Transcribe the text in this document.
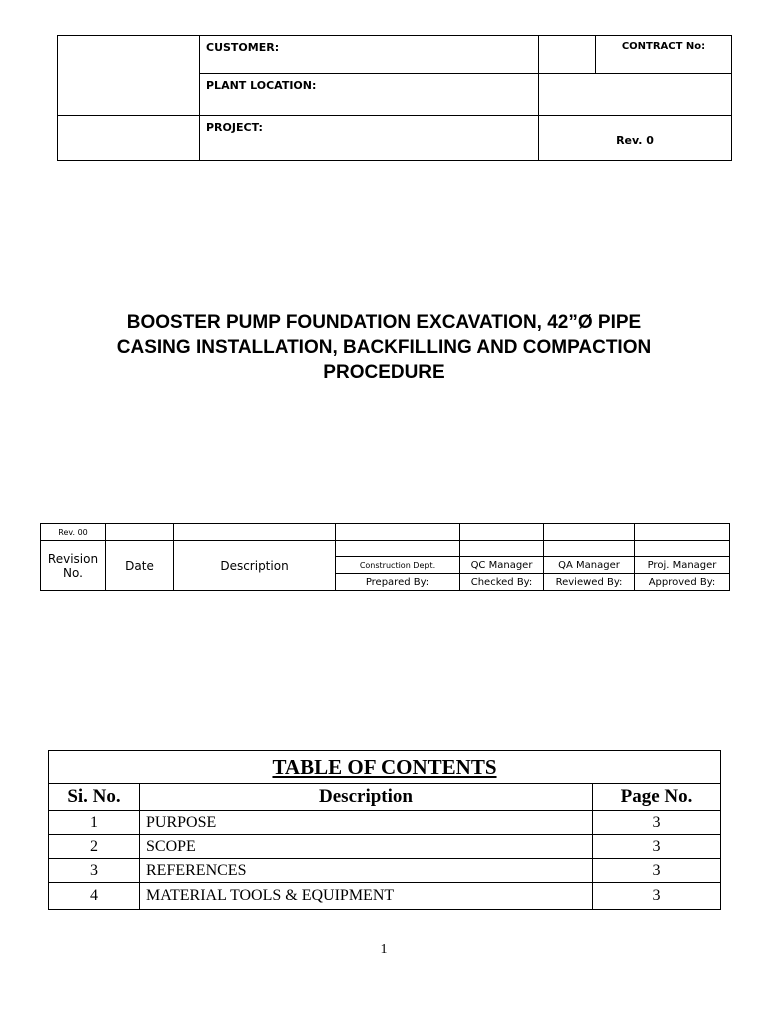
	CUSTOMER:		CONTRACT No:
	PLANT LOCATION:		
	PROJECT:	Rev. 0	
BOOSTER PUMP FOUNDATION EXCAVATION, 42”Ø PIPE
CASING INSTALLATION, BACKFILLING AND COMPACTION
PROCEDURE
Rev. 00						
Revision No.	Date	Description				
			Construction Dept.	QC Manager	QA Manager	Proj. Manager
			Prepared By:	Checked By:	Reviewed By:	Approved By:
TABLE OF CONTENTS		
Si. No.	Description	Page No.
1	PURPOSE	3
2	SCOPE	3
3	REFERENCES	3
4	MATERIAL TOOLS & EQUIPMENT	3
1
